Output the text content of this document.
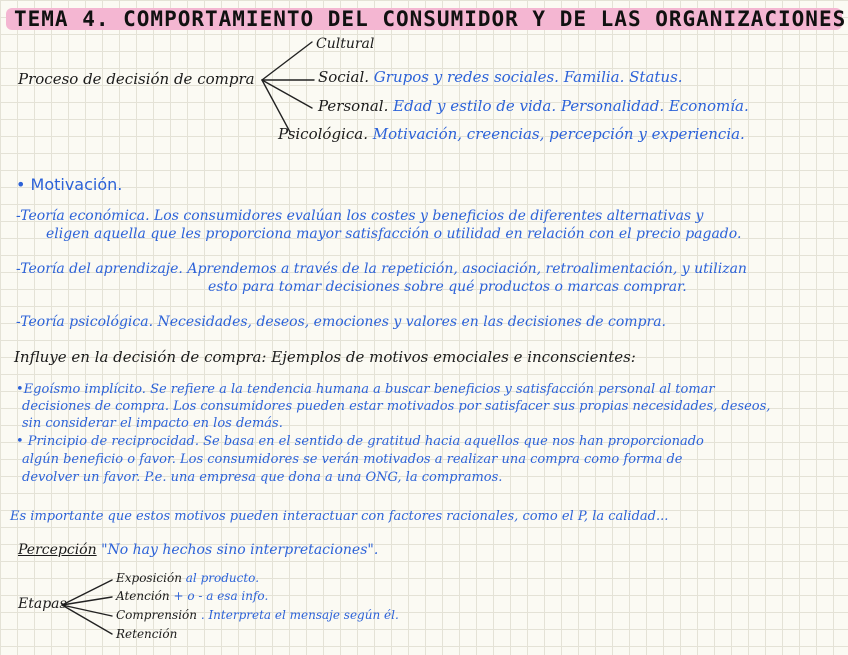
TEMA 4. COMPORTAMIENTO DEL CONSUMIDOR Y DE LAS ORGANIZACIONES
Proceso de decisión de compra
Cultural
Social. Grupos y redes sociales. Familia. Status.
Personal. Edad y estilo de vida. Personalidad. Economía.
Psicológica. Motivación, creencias, percepción y experiencia.
• Motivación.
-Teoría económica. Los consumidores evalúan los costes y beneficios de diferentes alternativas y
eligen aquella que les proporciona mayor satisfacción o utilidad en relación con el precio pagado.
-Teoría del aprendizaje. Aprendemos a través de la repetición, asociación, retroalimentación, y utilizan
esto para tomar decisiones sobre qué productos o marcas comprar.
-Teoría psicológica. Necesidades, deseos, emociones y valores en las decisiones de compra.
Influye en la decisión de compra: Ejemplos de motivos emociales e inconscientes:
•Egoísmo implícito. Se refiere a la tendencia humana a buscar beneficios y satisfacción personal al tomar
decisiones de compra. Los consumidores pueden estar motivados por satisfacer sus propias necesidades, deseos,
sin considerar el impacto en los demás.
• Principio de reciprocidad. Se basa en el sentido de gratitud hacia aquellos que nos han proporcionado
algún beneficio o favor. Los consumidores se verán motivados a realizar una compra como forma de
devolver un favor. P.e. una empresa que dona a una ONG, la compramos.
Es importante que estos motivos pueden interactuar con factores racionales, como el P, la calidad...
Percepción "No hay hechos sino interpretaciones".
Etapas
Exposición al producto.
Atención + o - a esa info.
Comprensión . Interpreta el mensaje según él.
Retención
